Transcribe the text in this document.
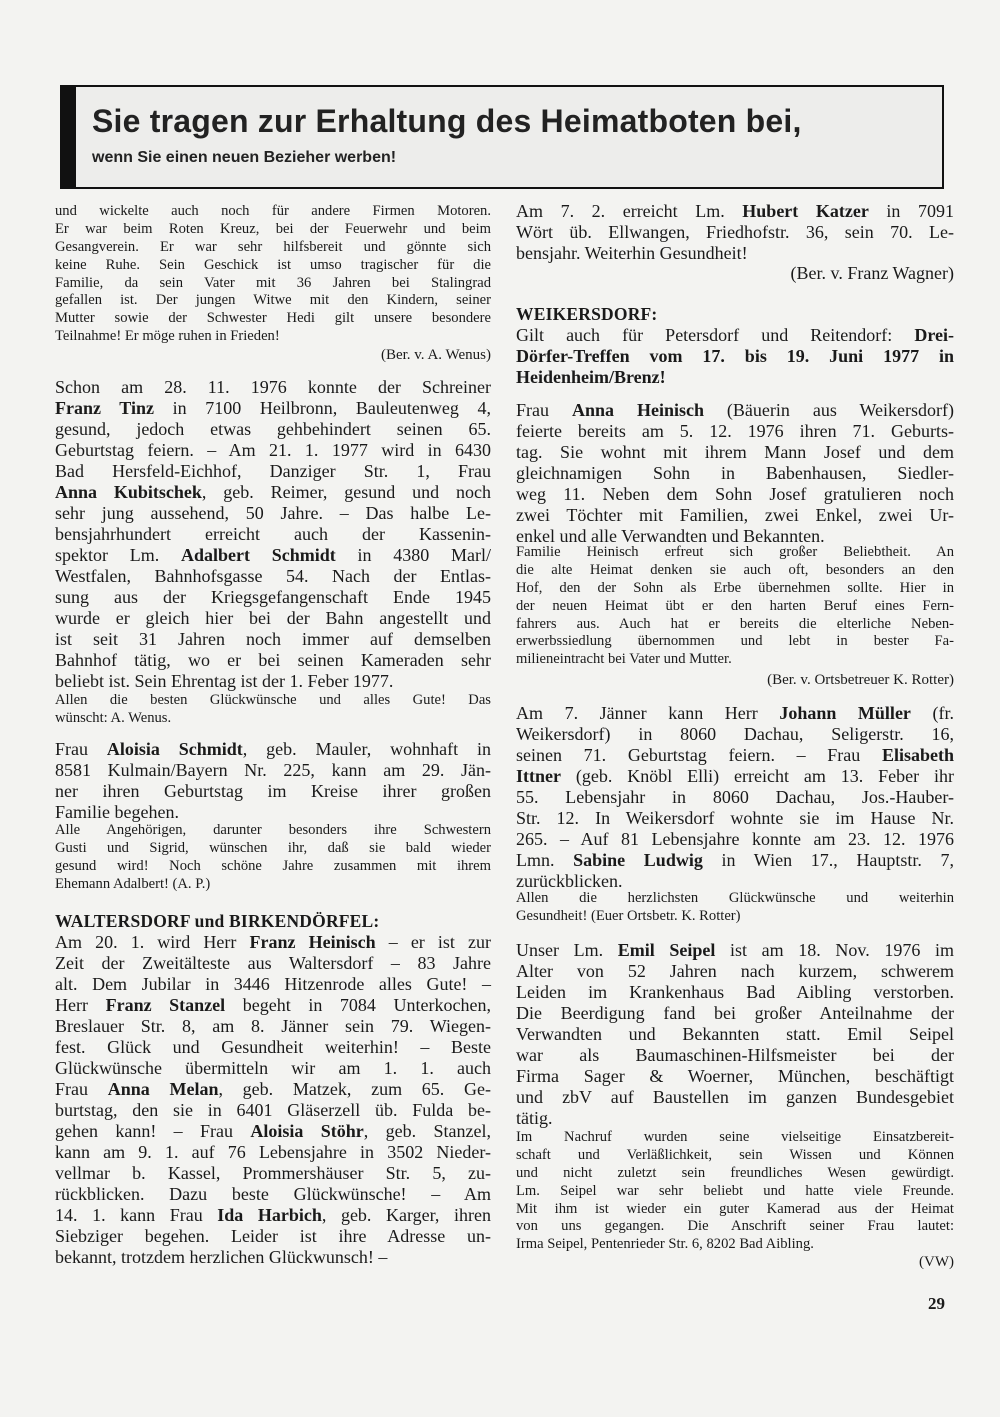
Sie tragen zur Erhaltung des Heimatboten bei,
wenn Sie einen neuen Bezieher werben!
und wickelte auch noch für andere Firmen Motoren.
Er war beim Roten Kreuz, bei der Feuerwehr und beim
Gesangverein. Er war sehr hilfsbereit und gönnte sich
keine Ruhe. Sein Geschick ist umso tragischer für die
Familie, da sein Vater mit 36 Jahren bei Stalingrad
gefallen ist. Der jungen Witwe mit den Kindern, seiner
Mutter sowie der Schwester Hedi gilt unsere besondere
Teilnahme! Er möge ruhen in Frieden!
(Ber. v. A. Wenus)
Schon am 28. 11. 1976 konnte der Schreiner
Franz Tinz in 7100 Heilbronn, Bauleutenweg 4,
gesund, jedoch etwas gehbehindert seinen 65.
Geburtstag feiern. – Am 21. 1. 1977 wird in 6430
Bad Hersfeld-Eichhof, Danziger Str. 1, Frau
Anna Kubitschek, geb. Reimer, gesund und noch
sehr jung aussehend, 50 Jahre. – Das halbe Le-
bensjahrhundert erreicht auch der Kassenin-
spektor Lm. Adalbert Schmidt in 4380 Marl/
Westfalen, Bahnhofsgasse 54. Nach der Entlas-
sung aus der Kriegsgefangenschaft Ende 1945
wurde er gleich hier bei der Bahn angestellt und
ist seit 31 Jahren noch immer auf demselben
Bahnhof tätig, wo er bei seinen Kameraden sehr
beliebt ist. Sein Ehrentag ist der 1. Feber 1977.
Allen die besten Glückwünsche und alles Gute! Das
wünscht: A. Wenus.
Frau Aloisia Schmidt, geb. Mauler, wohnhaft in
8581 Kulmain/Bayern Nr. 225, kann am 29. Jän-
ner ihren Geburtstag im Kreise ihrer großen
Familie begehen.
Alle Angehörigen, darunter besonders ihre Schwestern
Gusti und Sigrid, wünschen ihr, daß sie bald wieder
gesund wird! Noch schöne Jahre zusammen mit ihrem
Ehemann Adalbert! (A. P.)
WALTERSDORF und BIRKENDÖRFEL:
Am 20. 1. wird Herr Franz Heinisch – er ist zur
Zeit der Zweitälteste aus Waltersdorf – 83 Jahre
alt. Dem Jubilar in 3446 Hitzenrode alles Gute! –
Herr Franz Stanzel begeht in 7084 Unterkochen,
Breslauer Str. 8, am 8. Jänner sein 79. Wiegen-
fest. Glück und Gesundheit weiterhin! – Beste
Glückwünsche übermitteln wir am 1. 1. auch
Frau Anna Melan, geb. Matzek, zum 65. Ge-
burtstag, den sie in 6401 Gläserzell üb. Fulda be-
gehen kann! – Frau Aloisia Stöhr, geb. Stanzel,
kann am 9. 1. auf 76 Lebensjahre in 3502 Nieder-
vellmar b. Kassel, Prommershäuser Str. 5, zu-
rückblicken. Dazu beste Glückwünsche! – Am
14. 1. kann Frau Ida Harbich, geb. Karger, ihren
Siebziger begehen. Leider ist ihre Adresse un-
bekannt, trotzdem herzlichen Glückwunsch! –
Am 7. 2. erreicht Lm. Hubert Katzer in 7091
Wört üb. Ellwangen, Friedhofstr. 36, sein 70. Le-
bensjahr. Weiterhin Gesundheit!
(Ber. v. Franz Wagner)
WEIKERSDORF:
Gilt auch für Petersdorf und Reitendorf: Drei-
Dörfer-Treffen vom 17. bis 19. Juni 1977 in
Heidenheim/Brenz!
Frau Anna Heinisch (Bäuerin aus Weikersdorf)
feierte bereits am 5. 12. 1976 ihren 71. Geburts-
tag. Sie wohnt mit ihrem Mann Josef und dem
gleichnamigen Sohn in Babenhausen, Siedler-
weg 11. Neben dem Sohn Josef gratulieren noch
zwei Töchter mit Familien, zwei Enkel, zwei Ur-
enkel und alle Verwandten und Bekannten.
Familie Heinisch erfreut sich großer Beliebtheit. An
die alte Heimat denken sie auch oft, besonders an den
Hof, den der Sohn als Erbe übernehmen sollte. Hier in
der neuen Heimat übt er den harten Beruf eines Fern-
fahrers aus. Auch hat er bereits die elterliche Neben-
erwerbssiedlung übernommen und lebt in bester Fa-
milieneintracht bei Vater und Mutter.
(Ber. v. Ortsbetreuer K. Rotter)
Am 7. Jänner kann Herr Johann Müller (fr.
Weikersdorf) in 8060 Dachau, Seligerstr. 16,
seinen 71. Geburtstag feiern. – Frau Elisabeth
Ittner (geb. Knöbl Elli) erreicht am 13. Feber ihr
55. Lebensjahr in 8060 Dachau, Jos.-Hauber-
Str. 12. In Weikersdorf wohnte sie im Hause Nr.
265. – Auf 81 Lebensjahre konnte am 23. 12. 1976
Lmn. Sabine Ludwig in Wien 17., Hauptstr. 7,
zurückblicken.
Allen die herzlichsten Glückwünsche und weiterhin
Gesundheit! (Euer Ortsbetr. K. Rotter)
Unser Lm. Emil Seipel ist am 18. Nov. 1976 im
Alter von 52 Jahren nach kurzem, schwerem
Leiden im Krankenhaus Bad Aibling verstorben.
Die Beerdigung fand bei großer Anteilnahme der
Verwandten und Bekannten statt. Emil Seipel
war als Baumaschinen-Hilfsmeister bei der
Firma Sager & Woerner, München, beschäftigt
und zbV auf Baustellen im ganzen Bundesgebiet
tätig.
Im Nachruf wurden seine vielseitige Einsatzbereit-
schaft und Verläßlichkeit, sein Wissen und Können
und nicht zuletzt sein freundliches Wesen gewürdigt.
Lm. Seipel war sehr beliebt und hatte viele Freunde.
Mit ihm ist wieder ein guter Kamerad aus der Heimat
von uns gegangen. Die Anschrift seiner Frau lautet:
Irma Seipel, Pentenrieder Str. 6, 8202 Bad Aibling.
(VW)
29
